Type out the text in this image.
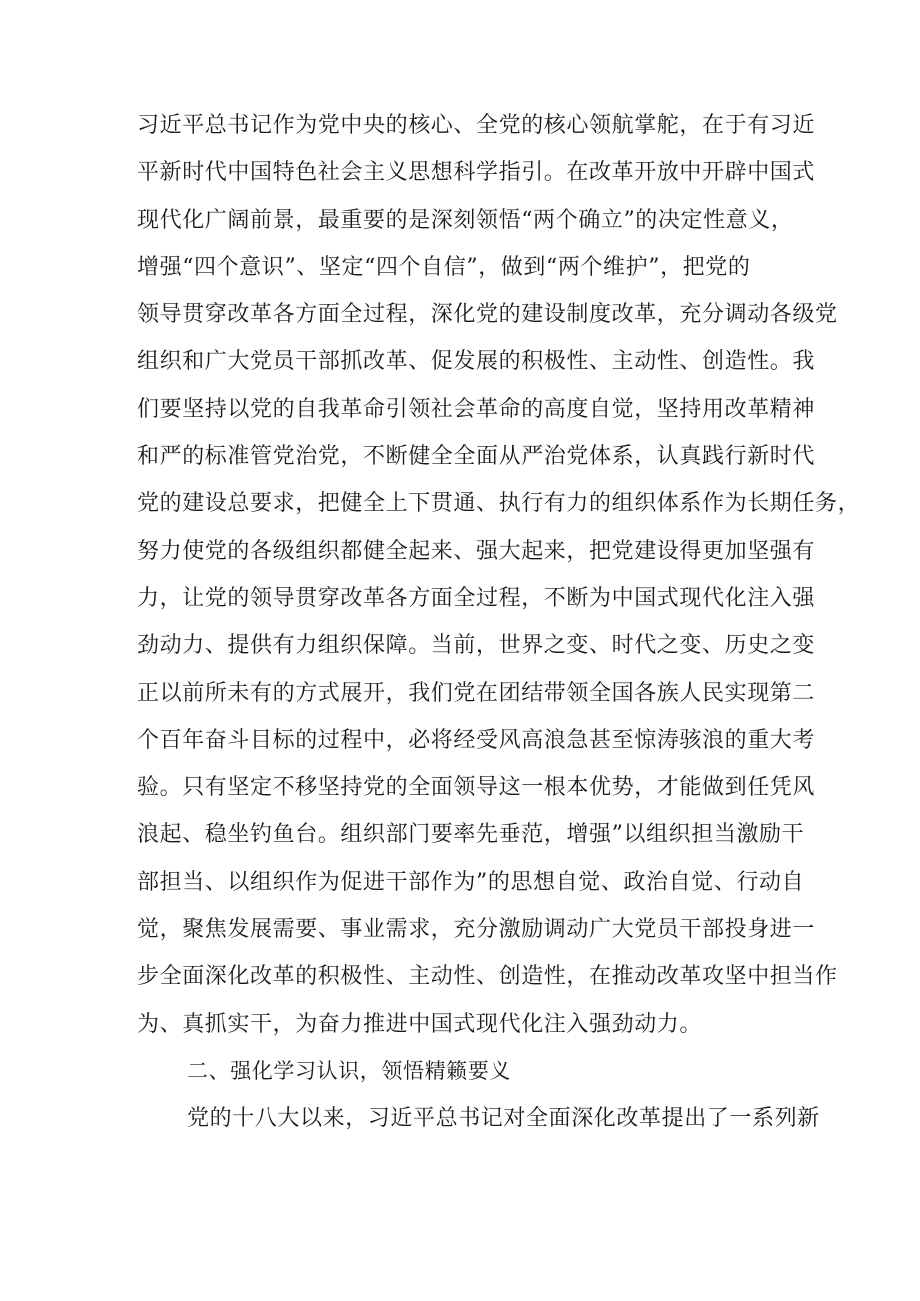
习近平总书记作为党中央的核心、全党的核心领航掌舵，在于有习近
平新时代中国特色社会主义思想科学指引。在改革开放中开辟中国式
现代化广阔前景，最重要的是深刻领悟“两个确立”的决定性意义，
增强“四个意识”、坚定“四个自信”，做到“两个维护”，把党的
领导贯穿改革各方面全过程，深化党的建设制度改革，充分调动各级党
组织和广大党员干部抓改革、促发展的积极性、主动性、创造性。我
们要坚持以党的自我革命引领社会革命的高度自觉，坚持用改革精神
和严的标准管党治党，不断健全全面从严治党体系，认真践行新时代
党的建设总要求，把健全上下贯通、执行有力的组织体系作为长期任务，
努力使党的各级组织都健全起来、强大起来，把党建设得更加坚强有
力，让党的领导贯穿改革各方面全过程，不断为中国式现代化注入强
劲动力、提供有力组织保障。当前，世界之变、时代之变、历史之变
正以前所未有的方式展开，我们党在团结带领全国各族人民实现第二
个百年奋斗目标的过程中，必将经受风高浪急甚至惊涛骇浪的重大考
验。只有坚定不移坚持党的全面领导这一根本优势，才能做到任凭风
浪起、稳坐钓鱼台。组织部门要率先垂范，增强”以组织担当激励干
部担当、以组织作为促进干部作为”的思想自觉、政治自觉、行动自
觉，聚焦发展需要、事业需求，充分激励调动广大党员干部投身进一
步全面深化改革的积极性、主动性、创造性，在推动改革攻坚中担当作
为、真抓实干，为奋力推进中国式现代化注入强劲动力。
二、强化学习认识，领悟精籁要义
党的十八大以来，习近平总书记对全面深化改革提出了一系列新
